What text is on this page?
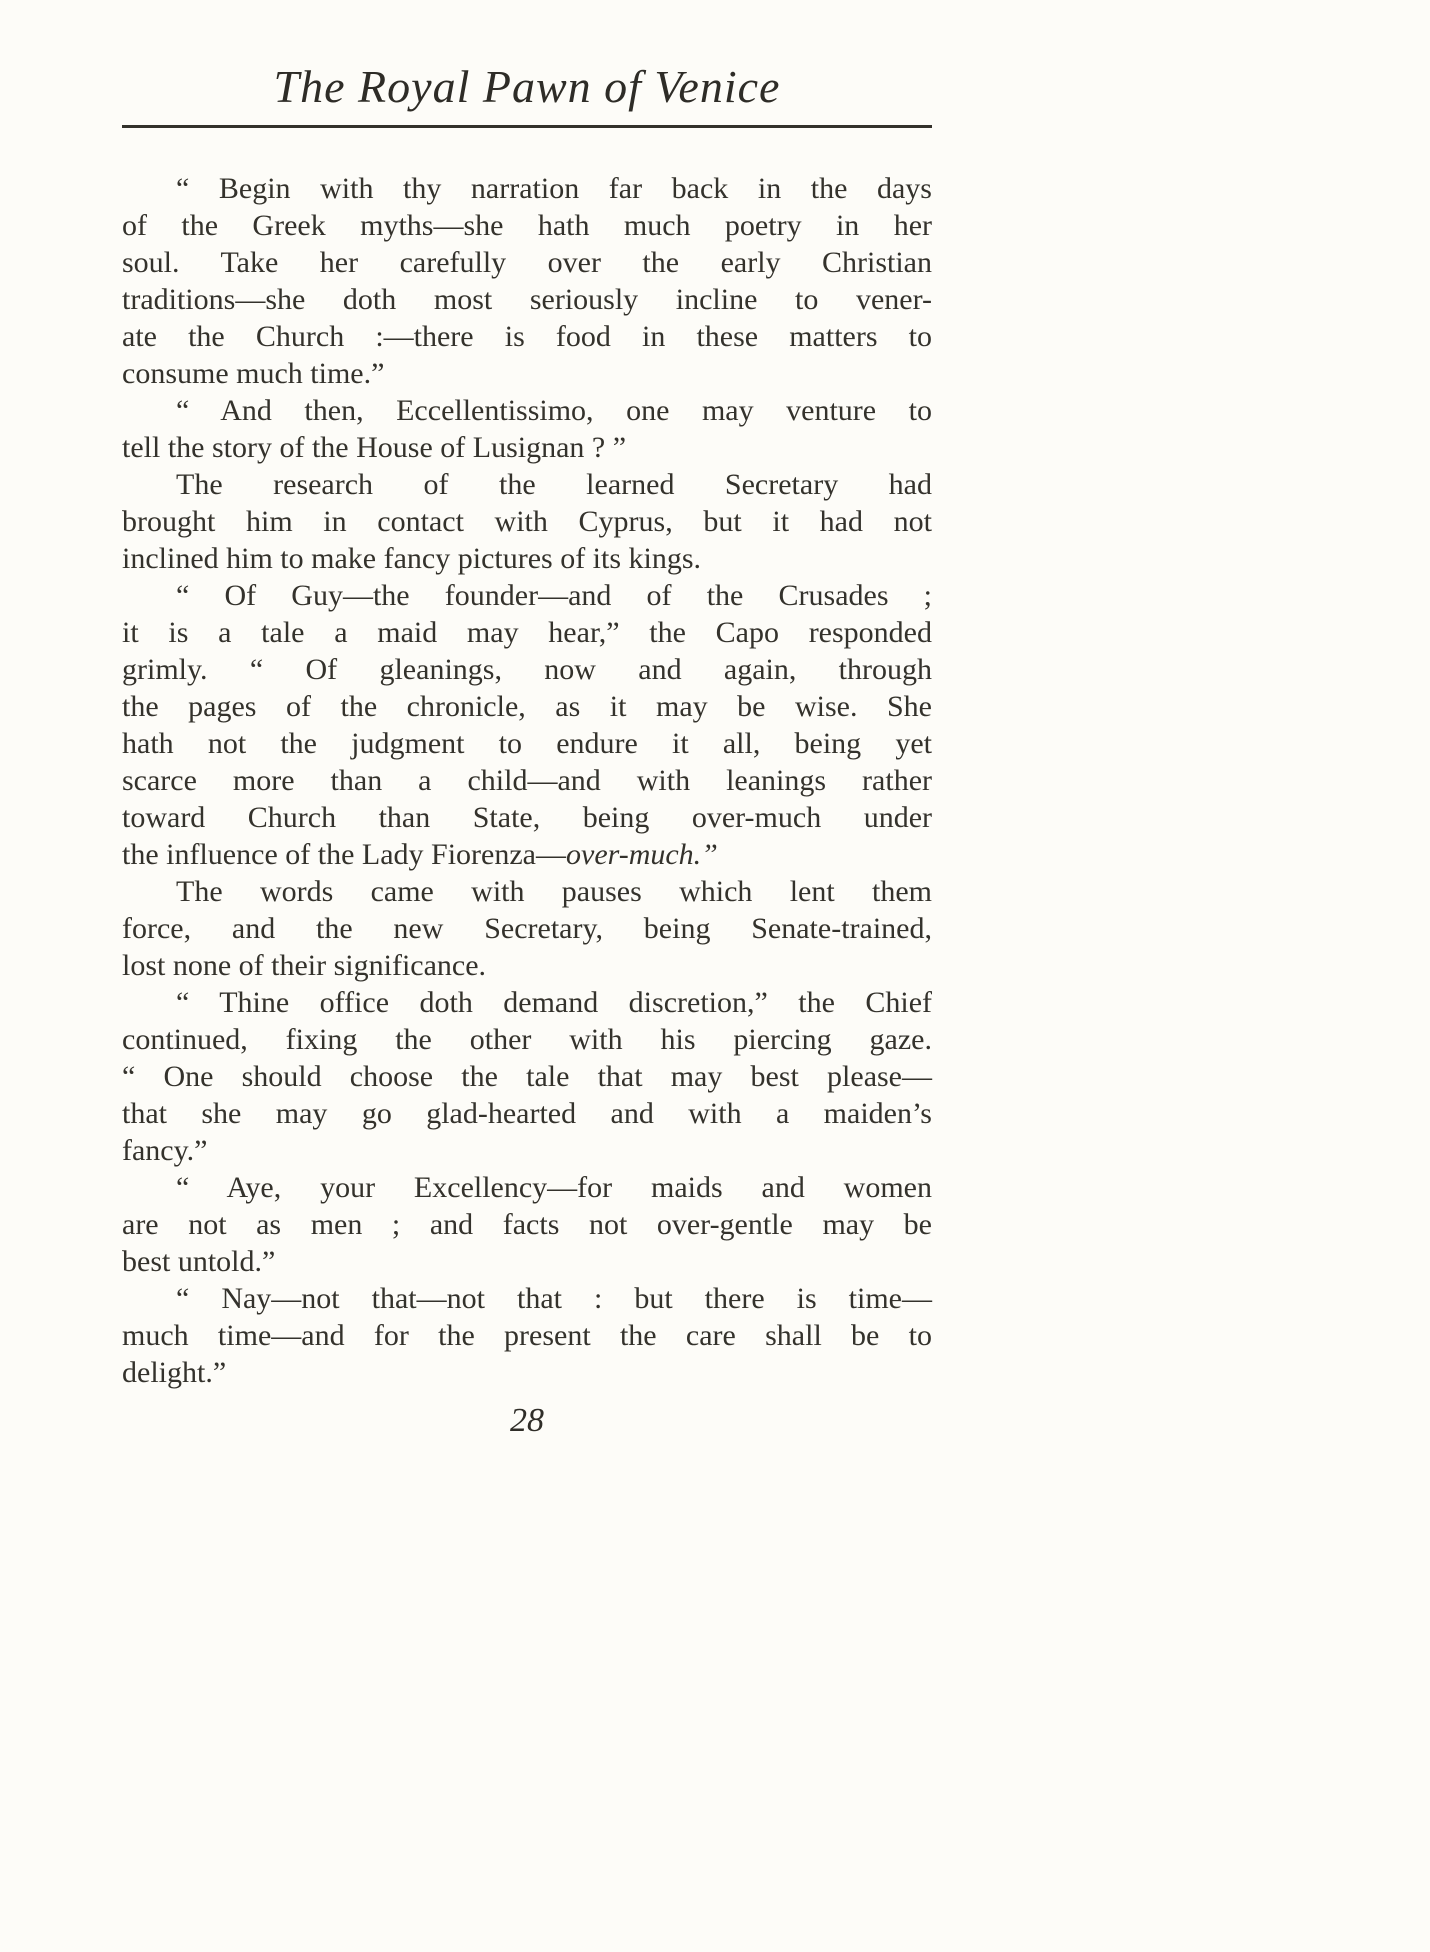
The Royal Pawn of Venice
“ Begin with thy narration far back in the days
of the Greek myths—she hath much poetry in her
soul. Take her carefully over the early Christian
traditions—she doth most seriously incline to vener-
ate the Church :—there is food in these matters to
consume much time.”
“ And then, Eccellentissimo, one may venture to
tell the story of the House of Lusignan ? ”
The research of the learned Secretary had
brought him in contact with Cyprus, but it had not
inclined him to make fancy pictures of its kings.
“ Of Guy—the founder—and of the Crusades ;
it is a tale a maid may hear,” the Capo responded
grimly. “ Of gleanings, now and again, through
the pages of the chronicle, as it may be wise. She
hath not the judgment to endure it all, being yet
scarce more than a child—and with leanings rather
toward Church than State, being over-much under
the influence of the Lady Fiorenza—over-much.”
The words came with pauses which lent them
force, and the new Secretary, being Senate-trained,
lost none of their significance.
“ Thine office doth demand discretion,” the Chief
continued, fixing the other with his piercing gaze.
“ One should choose the tale that may best please—
that she may go glad-hearted and with a maiden’s
fancy.”
“ Aye, your Excellency—for maids and women
are not as men ; and facts not over-gentle may be
best untold.”
“ Nay—not that—not that : but there is time—
much time—and for the present the care shall be to
delight.”
28
